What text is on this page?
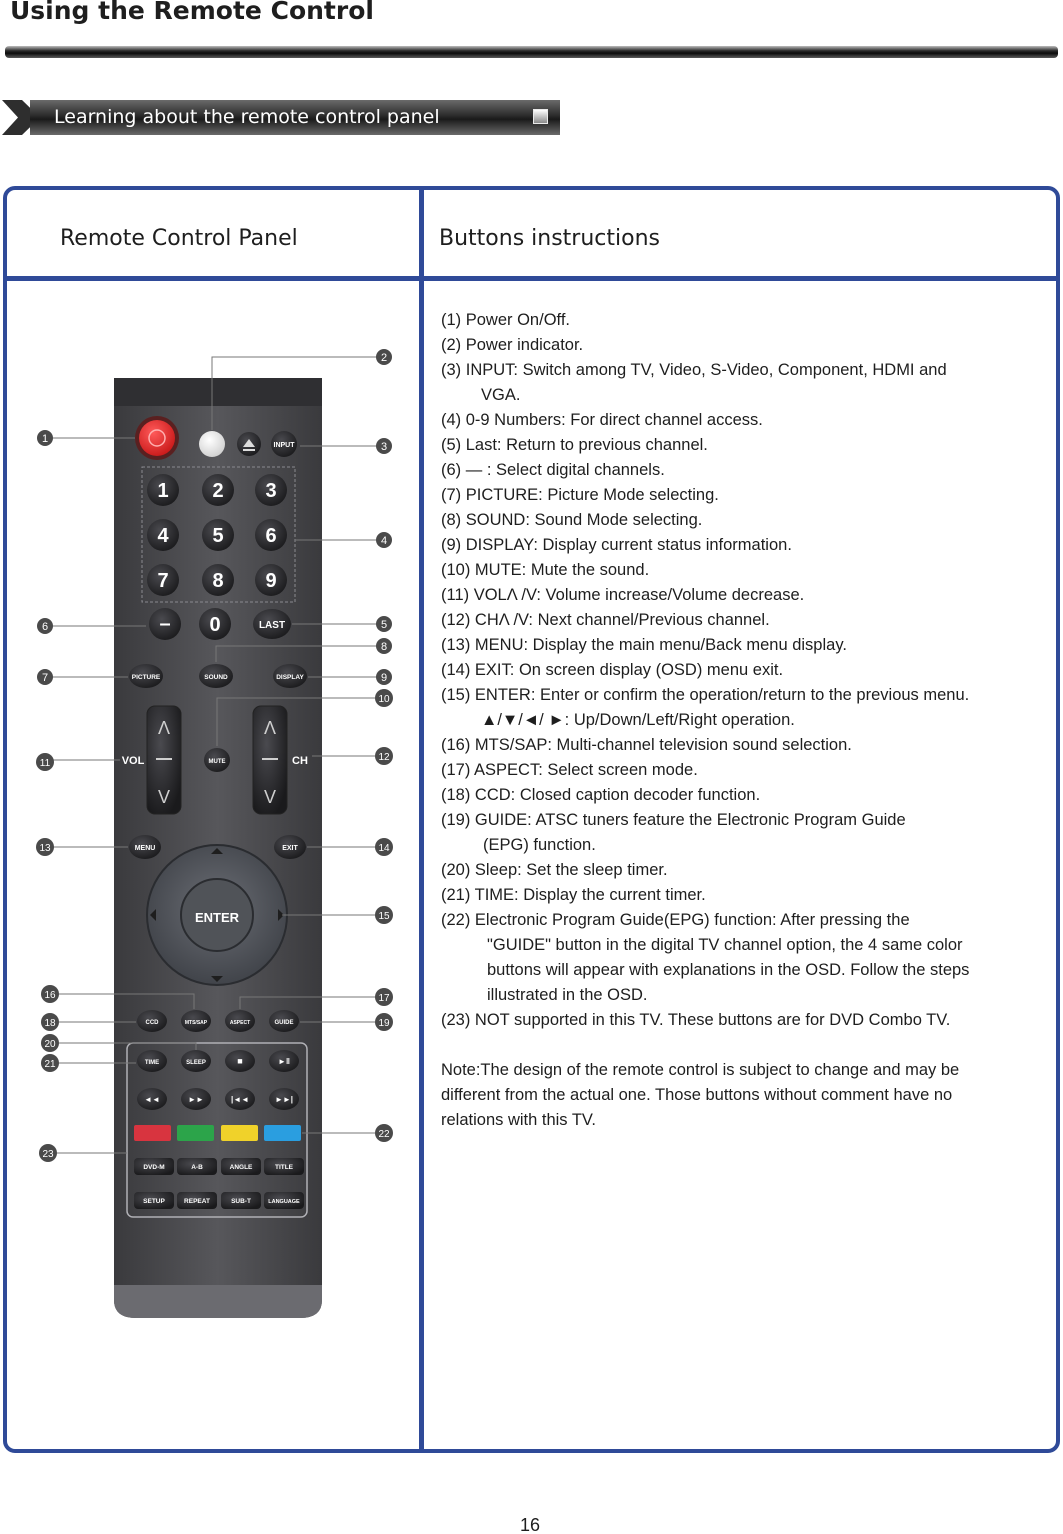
Using the Remote Control
Learning about the remote control panel
Remote Control Panel	Buttons instructions
(1) Power On/Off.
(2) Power indicator.
(3) INPUT: Switch among TV, Video, S-Video, Component, HDMI and
VGA.
(4) 0-9 Numbers: For direct channel access.
(5) Last: Return to previous channel.
(6) — : Select digital channels.
(7) PICTURE: Picture Mode selecting.
(8) SOUND: Sound Mode selecting.
(9) DISPLAY: Display current status information.
(10) MUTE: Mute the sound.
(11) VOLΛ /V: Volume increase/Volume decrease.
(12) CHΛ /V: Next channel/Previous channel.
(13) MENU: Display the main menu/Back menu display.
(14) EXIT: On screen display (OSD) menu exit.
(15) ENTER: Enter or confirm the operation/return to the previous menu.
▲/▼/◄/ ►: Up/Down/Left/Right operation.
(16) MTS/SAP: Multi-channel television sound selection.
(17) ASPECT: Select screen mode.
(18) CCD: Closed caption decoder function.
(19) GUIDE: ATSC tuners feature the Electronic Program Guide
(EPG) function.
(20) Sleep: Set the sleep timer.
(21) TIME: Display the current timer.
(22) Electronic Program Guide(EPG) function: After pressing the
"GUIDE" button in the digital TV channel option, the 4 same color
buttons will appear with explanations in the OSD. Follow the steps
illustrated in the OSD.
(23) NOT supported in this TV. These buttons are for DVD Combo TV.
Note:The design of the remote control is subject to change and may be
different from the actual one. Those buttons without comment have no
relations with this TV.
INPUT
1 2 3
4 5 6
7 8 9
– 0	LAST
PICTURE	SOUND	DISPLAY
Λ
V
Λ
V
VOL	CH
MUTE
MENU	EXIT
ENTER
CCD	MTS/SAP	ASPECT	GUIDE
TIME	SLEEP	■	►‖
◄◄	►►	|◄◄	►►|
DVD-M	A-B	ANGLE	TITLE
SETUP	REPEAT	SUB-T	LANGUAGE
1
2
3
4
5
6
7
8
9
10
11
12
13	14
15
16	17
18	19
20
21
22
23
16
